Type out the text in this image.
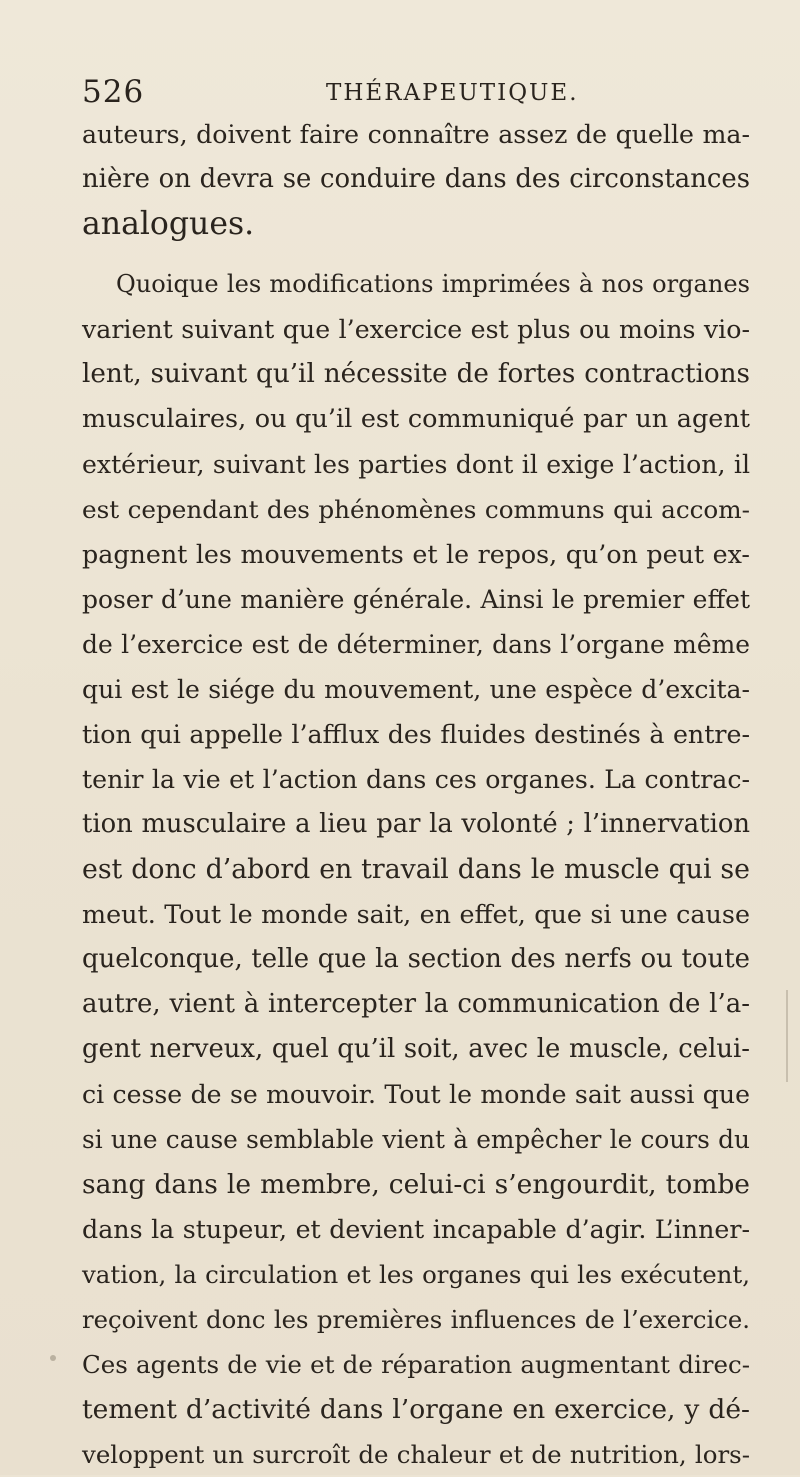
526	THÉRAPEUTIQUE.
auteurs, doivent faire connaître assez de quelle ma-
nière on devra se conduire dans des circonstances
analogues.
Quoique les modifications imprimées à nos organes
varient suivant que l’exercice est plus ou moins vio-
lent, suivant qu’il nécessite de fortes contractions
musculaires, ou qu’il est communiqué par un agent
extérieur, suivant les parties dont il exige l’action, il
est cependant des phénomènes communs qui accom-
pagnent les mouvements et le repos, qu’on peut ex-
poser d’une manière générale. Ainsi le premier effet
de l’exercice est de déterminer, dans l’organe même
qui est le siége du mouvement, une espèce d’excita-
tion qui appelle l’afflux des fluides destinés à entre-
tenir la vie et l’action dans ces organes. La contrac-
tion musculaire a lieu par la volonté ; l’innervation
est donc d’abord en travail dans le muscle qui se
meut. Tout le monde sait, en effet, que si une cause
quelconque, telle que la section des nerfs ou toute
autre, vient à intercepter la communication de l’a-
gent nerveux, quel qu’il soit, avec le muscle, celui-
ci cesse de se mouvoir. Tout le monde sait aussi que
si une cause semblable vient à empêcher le cours du
sang dans le membre, celui-ci s’engourdit, tombe
dans la stupeur, et devient incapable d’agir. L’inner-
vation, la circulation et les organes qui les exécutent,
reçoivent donc les premières influences de l’exercice.
Ces agents de vie et de réparation augmentant direc-
tement d’activité dans l’organe en exercice, y dé-
veloppent un surcroît de chaleur et de nutrition, lors-
